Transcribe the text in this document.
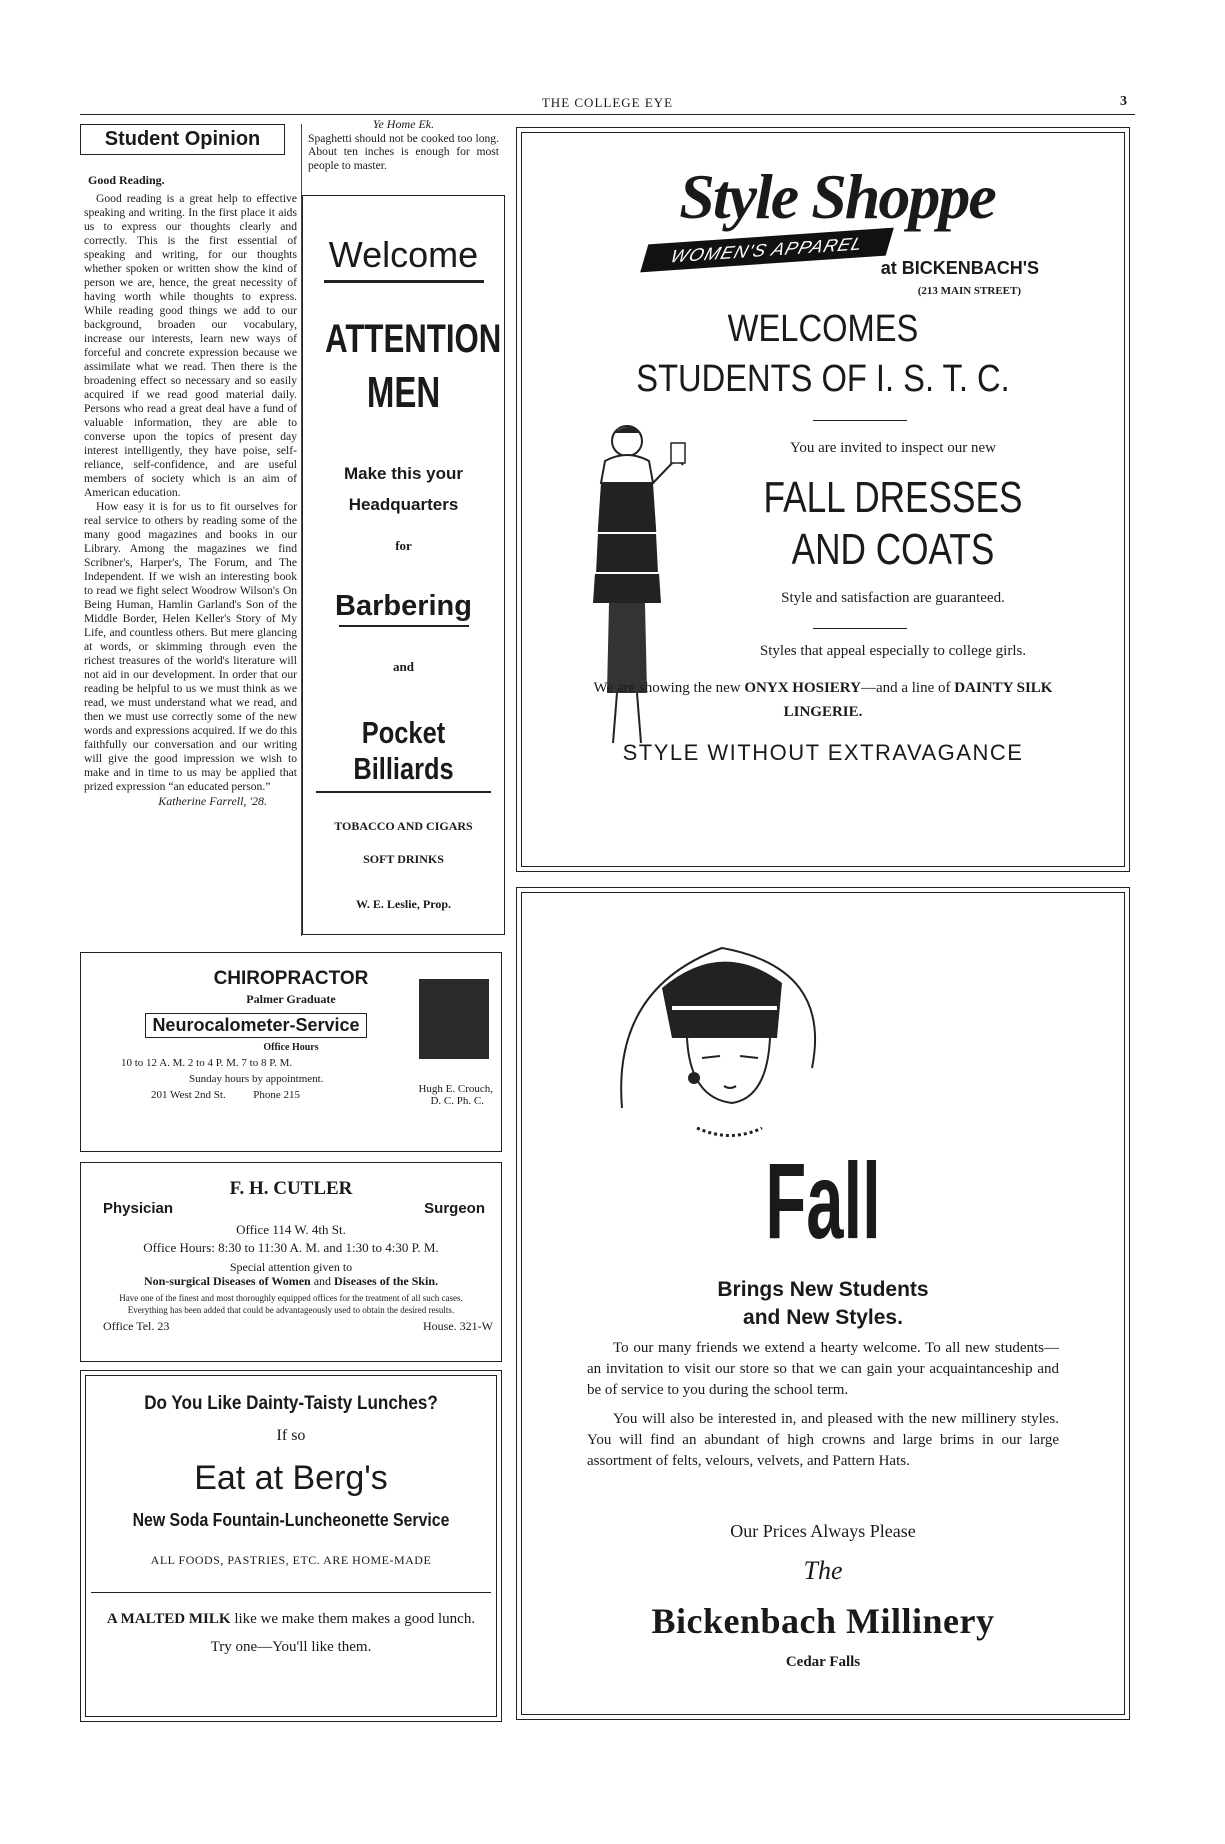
THE COLLEGE EYE	3
Student Opinion
Good Reading.

Good reading is a great help to effective speaking and writing. In the first place it aids us to express our thoughts clearly and correctly. This is the first essential of speaking and writing, for our thoughts whether spoken or written show the kind of person we are, hence, the great necessity of having worth while thoughts to express. While reading good things we add to our background, broaden our vocabulary, increase our interests, learn new ways of forceful and concrete expression because we assimilate what we read. Then there is the broadening effect so necessary and so easily acquired if we read good material daily. Persons who read a great deal have a fund of valuable information, they are able to converse upon the topics of present day interest intelligently, they have poise, self-reliance, self-confidence, and are useful members of society which is an aim of American education.

How easy it is for us to fit ourselves for real service to others by reading some of the many good magazines and books in our Library. Among the magazines we find Scribner's, Harper's, The Forum, and The Independent. If we wish an interesting book to read we fight select Woodrow Wilson's On Being Human, Hamlin Garland's Son of the Middle Border, Helen Keller's Story of My Life, and countless others. But mere glancing at words, or skimming through even the richest treasures of the world's literature will not aid in our development. In order that our reading be helpful to us we must think as we read, we must understand what we read, and then we must use correctly some of the new words and expressions acquired. If we do this faithfully our conversation and our writing will give the good impression we wish to make and in time to us may be applied that prized expression “an educated person.”

Katherine Farrell, '28.
Ye Home Ek.
Spaghetti should not be cooked too long. About ten inches is enough for most people to master.
Welcome
ATTENTION
MEN
Make this your
Headquarters
for
Barbering
and
Pocket Billiards
TOBACCO AND CIGARS
SOFT DRINKS
W. E. Leslie, Prop.
Style Shoppe
WOMEN'S APPAREL
at BICKENBACH'S
(213 MAIN STREET)
WELCOMES
STUDENTS OF I. S. T. C.
You are invited to inspect our new
FALL DRESSES
AND COATS
Style and satisfaction are guaranteed.
Styles that appeal especially to college girls.
We are showing the new ONYX HOSIERY—and a line of DAINTY SILK LINGERIE.
STYLE WITHOUT EXTRAVAGANCE
CHIROPRACTOR
Palmer Graduate
Neurocalometer-Service
Office Hours
10 to 12 A. M. 2 to 4 P. M. 7 to 8 P. M.
Sunday hours by appointment.
201 West 2nd St.	Phone 215	Hugh E. Crouch,
D. C. Ph. C.
F. H. CUTLER
Physician	Surgeon
Office 114 W. 4th St.
Office Hours: 8:30 to 11:30 A. M. and 1:30 to 4:30 P. M.
Special attention given to
Non-surgical Diseases of Women and Diseases of the Skin.
Have one of the finest and most thoroughly equipped offices for the treatment of all such cases. Everything has been added that could be advantageously used to obtain the desired results.
Office Tel. 23	House. 321-W
Do You Like Dainty-Taisty Lunches?
If so
Eat at Berg's
New Soda Fountain-Luncheonette Service
ALL FOODS, PASTRIES, ETC. ARE HOME-MADE
A MALTED MILK like we make them makes a good lunch.
Try one—You'll like them.
Fall
Brings New Students
and New Styles.

To our many friends we extend a hearty welcome. To all new students—an invitation to visit our store so that we can gain your acquaintanceship and be of service to you during the school term.

You will also be interested in, and pleased with the new millinery styles. You will find an abundant of high crowns and large brims in our large assortment of felts, velours, velvets, and Pattern Hats.

Our Prices Always Please
The
Bickenbach Millinery
Cedar Falls
